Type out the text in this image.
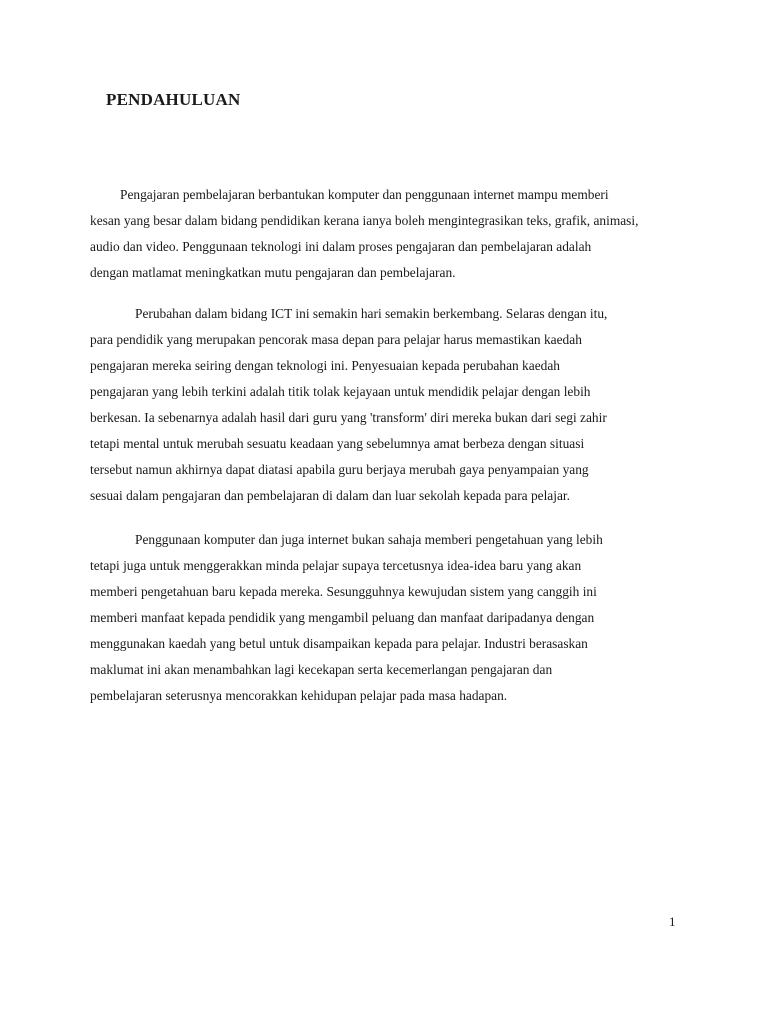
PENDAHULUAN

Pengajaran pembelajaran berbantukan komputer dan penggunaan internet mampu memberi
kesan yang besar dalam bidang pendidikan kerana ianya boleh mengintegrasikan teks, grafik, animasi,
audio dan video. Penggunaan teknologi ini dalam proses pengajaran dan pembelajaran adalah
dengan matlamat meningkatkan mutu pengajaran dan pembelajaran.

Perubahan dalam bidang ICT ini semakin hari semakin berkembang. Selaras dengan itu,
para pendidik yang merupakan pencorak masa depan para pelajar harus memastikan kaedah
pengajaran mereka seiring dengan teknologi ini. Penyesuaian kepada perubahan kaedah
pengajaran yang lebih terkini adalah titik tolak kejayaan untuk mendidik pelajar dengan lebih
berkesan. Ia sebenarnya adalah hasil dari guru yang 'transform' diri mereka bukan dari segi zahir
tetapi mental untuk merubah sesuatu keadaan yang sebelumnya amat berbeza dengan situasi
tersebut namun akhirnya dapat diatasi apabila guru berjaya merubah gaya penyampaian yang
sesuai dalam pengajaran dan pembelajaran di dalam dan luar sekolah kepada para pelajar.

Penggunaan komputer dan juga internet bukan sahaja memberi pengetahuan yang lebih
tetapi juga untuk menggerakkan minda pelajar supaya tercetusnya idea-idea baru yang akan
memberi pengetahuan baru kepada mereka. Sesungguhnya kewujudan sistem yang canggih ini
memberi manfaat kepada pendidik yang mengambil peluang dan manfaat daripadanya dengan
menggunakan kaedah yang betul untuk disampaikan kepada para pelajar. Industri berasaskan
maklumat ini akan menambahkan lagi kecekapan serta kecemerlangan pengajaran dan
pembelajaran seterusnya mencorakkan kehidupan pelajar pada masa hadapan.

1
